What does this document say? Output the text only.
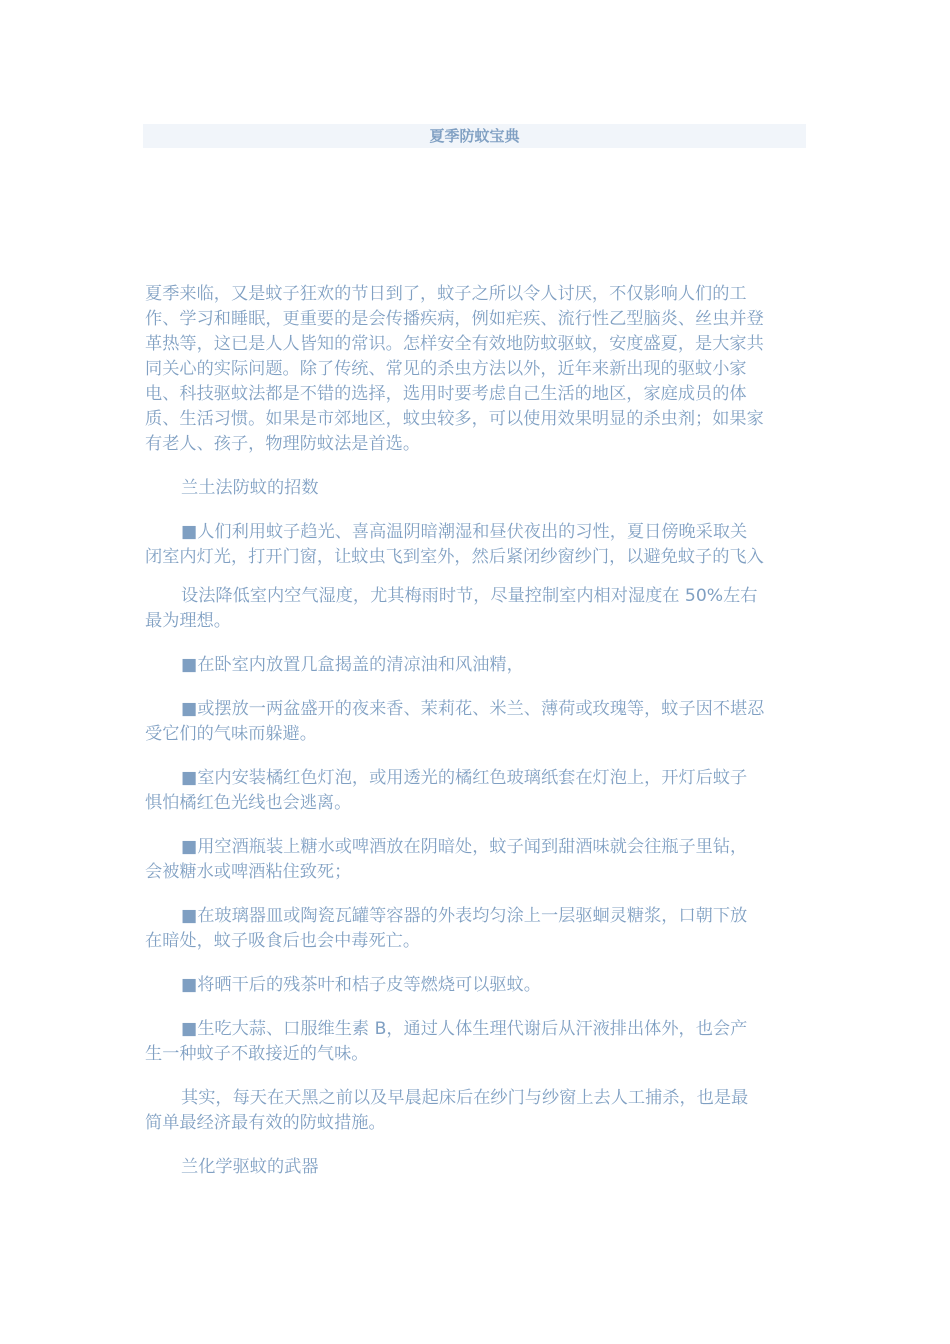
夏季防蚊宝典

夏季来临，又是蚊子狂欢的节日到了，蚊子之所以令人讨厌，不仅影响人们的工
作、学习和睡眠，更重要的是会传播疾病，例如疟疾、流行性乙型脑炎、丝虫并登
革热等，这已是人人皆知的常识。怎样安全有效地防蚊驱蚊，安度盛夏，是大家共
同关心的实际问题。除了传统、常见的杀虫方法以外，近年来新出现的驱蚊小家
电、科技驱蚊法都是不错的选择，选用时要考虑自己生活的地区，家庭成员的体
质、生活习惯。如果是市郊地区，蚊虫较多，可以使用效果明显的杀虫剂；如果家
有老人、孩子，物理防蚊法是首选。

兰土法防蚊的招数

■人们利用蚊子趋光、喜高温阴暗潮湿和昼伏夜出的习性，夏日傍晚采取关
闭室内灯光，打开门窗，让蚊虫飞到室外，然后紧闭纱窗纱门，以避免蚊子的飞入

设法降低室内空气湿度，尤其梅雨时节，尽量控制室内相对湿度在 50%左右
最为理想。

■在卧室内放置几盒揭盖的清凉油和风油精，

■或摆放一两盆盛开的夜来香、茉莉花、米兰、薄荷或玫瑰等，蚊子因不堪忍
受它们的气味而躲避。

■室内安装橘红色灯泡，或用透光的橘红色玻璃纸套在灯泡上，开灯后蚊子
惧怕橘红色光线也会逃离。

■用空酒瓶装上糖水或啤酒放在阴暗处，蚊子闻到甜酒味就会往瓶子里钻，
会被糖水或啤酒粘住致死；

■在玻璃器皿或陶瓷瓦罐等容器的外表均匀涂上一层驱蛔灵糖浆，口朝下放
在暗处，蚊子吸食后也会中毒死亡。

■将晒干后的残茶叶和桔子皮等燃烧可以驱蚊。

■生吃大蒜、口服维生素 B，通过人体生理代谢后从汗液排出体外，也会产
生一种蚊子不敢接近的气味。

其实，每天在天黑之前以及早晨起床后在纱门与纱窗上去人工捕杀，也是最
简单最经济最有效的防蚊措施。

兰化学驱蚊的武器
